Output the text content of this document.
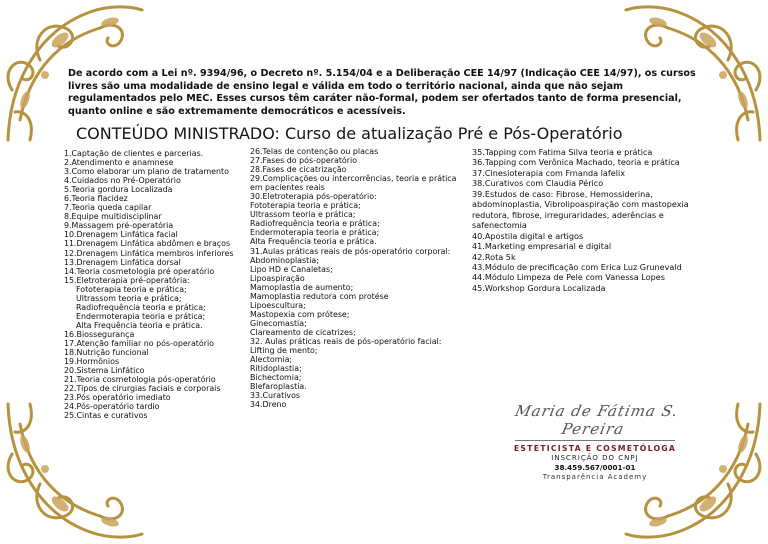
De acordo com a Lei nº. 9394/96, o Decreto nº. 5.154/04 e a Deliberação CEE 14/97 (Indicação CEE 14/97), os cursos livres são uma modalidade de ensino legal e válida em todo o território nacional, ainda que não sejam regulamentados pelo MEC. Esses cursos têm caráter não-formal, podem ser ofertados tanto de forma presencial, quanto online e são extremamente democráticos e acessíveis.
CONTEÚDO MINISTRADO: Curso de atualização Pré e Pós-Operatório
1.Captação de clientes e parcerias.
2.Atendimento e anamnese
3.Como elaborar um plano de tratamento
4.Cuidados no Pré-Operatório
5.Teoria gordura Localizada
6.Teoria flacidez
7.Teoria queda capilar
8.Equipe multidisciplinar
9.Massagem pré-operatória
10.Drenagem Linfática facial
11.Drenagem Linfática abdômen e braços
12.Drenagem Linfática membros inferiores
13.Drenagem Linfática dorsal
14.Teoria cosmetologia pré operatório
15.Eletroterapia pré-operatória:
Fototerapia teoria e prática;
Ultrassom teoria e prática;
Radiofrequência teoria e prática;
Endermoterapia teoria e prática;
Alta Frequência teoria e prática.
16.Biossegurança
17.Atenção familiar no pós-operatório
18.Nutrição funcional
19.Hormônios
20.Sistema Linfático
21.Teoria cosmetologia pós-operatório
22.Tipos de cirurgias faciais e corporais
23.Pós operatório imediato
24.Pós-operatório tardio
25.Cintas e curativos
26.Telas de contenção ou placas
27.Fases do pós-operatório
28.Fases de cicatrização
29.Complicações ou intercorrências, teoria e prática
em pacientes reais
30.Eletroterapia pós-operatório:
Fototerapia teoria e prática;
Ultrassom teoria e prática;
Radiofrequência teoria e prática;
Endermoterapia teoria e prática;
Alta Frequência teoria e prática.
31.Aulas práticas reais de pós-operatório corporal:
Abdominoplastia;
Lipo HD e Canaletas;
Lipoaspiração
Mamoplastia de aumento;
Mamoplastia redutora com protése
Lipoescultura;
Mastopexia com prótese;
Ginecomastia;
Clareamento de cicatrizes;
32. Aulas práticas reais de pós-operatório facial:
Lifting de mento;
Alectomia;
Ritidoplastia;
Bichectomia;
Blefaroplastia.
33.Curativos
34.Dreno
35.Tapping com Fatima Silva teoria e prática
36.Tapping com Verônica Machado, teoria e prática
37.Cinesioterapia com Frnanda lafelix
38.Curativos com Claudia Périco
39.Estudos de caso: Fibrose, Hemossiderina, abdominoplastia, Vibrolipoaspiração com mastopexia redutora, fibrose, irreguraridades, aderências e safenectomia
40.Apostila digital e artigos
41.Marketing empresarial e digital
42.Rota 5k
43.Módulo de precificação com Erica Luz Grunevald
44.Módulo Limpeza de Pele com Vanessa Lopes
45.Workshop Gordura Localizada
Maria de Fátima S. Pereira
ESTETICISTA E COSMETÓLOGA
INSCRIÇÃO DO CNPJ
38.459.567/0001-01
Transparência Academy
